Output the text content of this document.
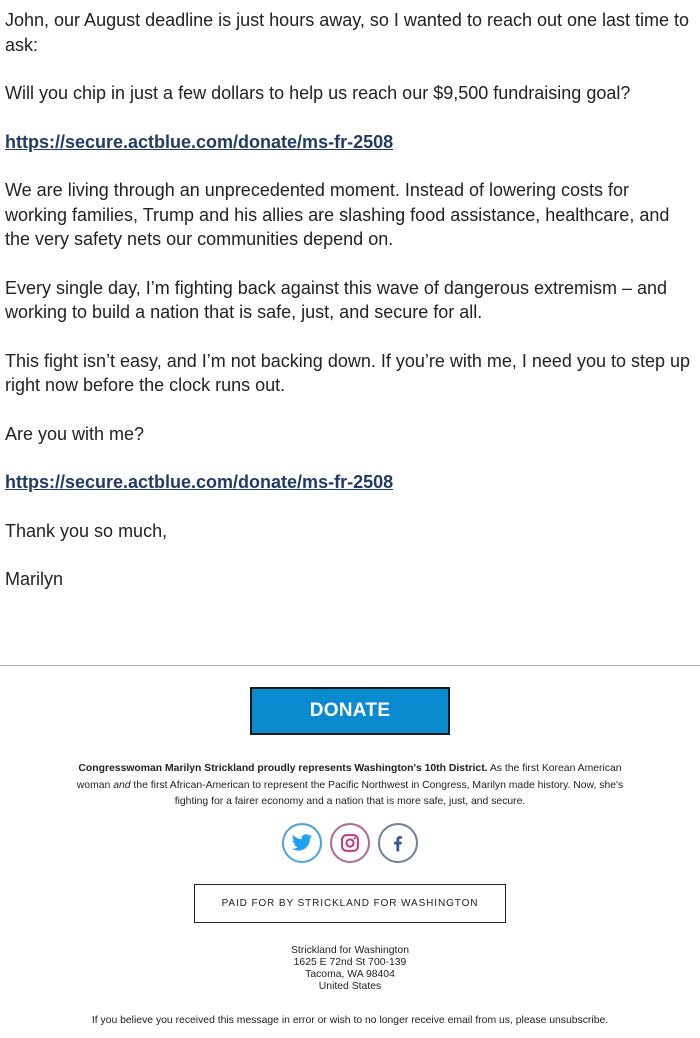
John, our August deadline is just hours away, so I wanted to reach out one last time to ask:

Will you chip in just a few dollars to help us reach our $9,500 fundraising goal?

https://secure.actblue.com/donate/ms-fr-2508

We are living through an unprecedented moment. Instead of lowering costs for working families, Trump and his allies are slashing food assistance, healthcare, and the very safety nets our communities depend on.

Every single day, I’m fighting back against this wave of dangerous extremism – and working to build a nation that is safe, just, and secure for all.

This fight isn’t easy, and I’m not backing down. If you’re with me, I need you to step up right now before the clock runs out.

Are you with me?

https://secure.actblue.com/donate/ms-fr-2508

Thank you so much,

Marilyn

DONATE
Congresswoman Marilyn Strickland proudly represents Washington's 10th District. As the first Korean American woman and the first African-American to represent the Pacific Northwest in Congress, Marilyn made history. Now, she's fighting for a fairer economy and a nation that is more safe, just, and secure.
PAID FOR BY STRICKLAND FOR WASHINGTON
Strickland for Washington
1625 E 72nd St 700-139
Tacoma, WA 98404
United States
If you believe you received this message in error or wish to no longer receive email from us, please unsubscribe.
